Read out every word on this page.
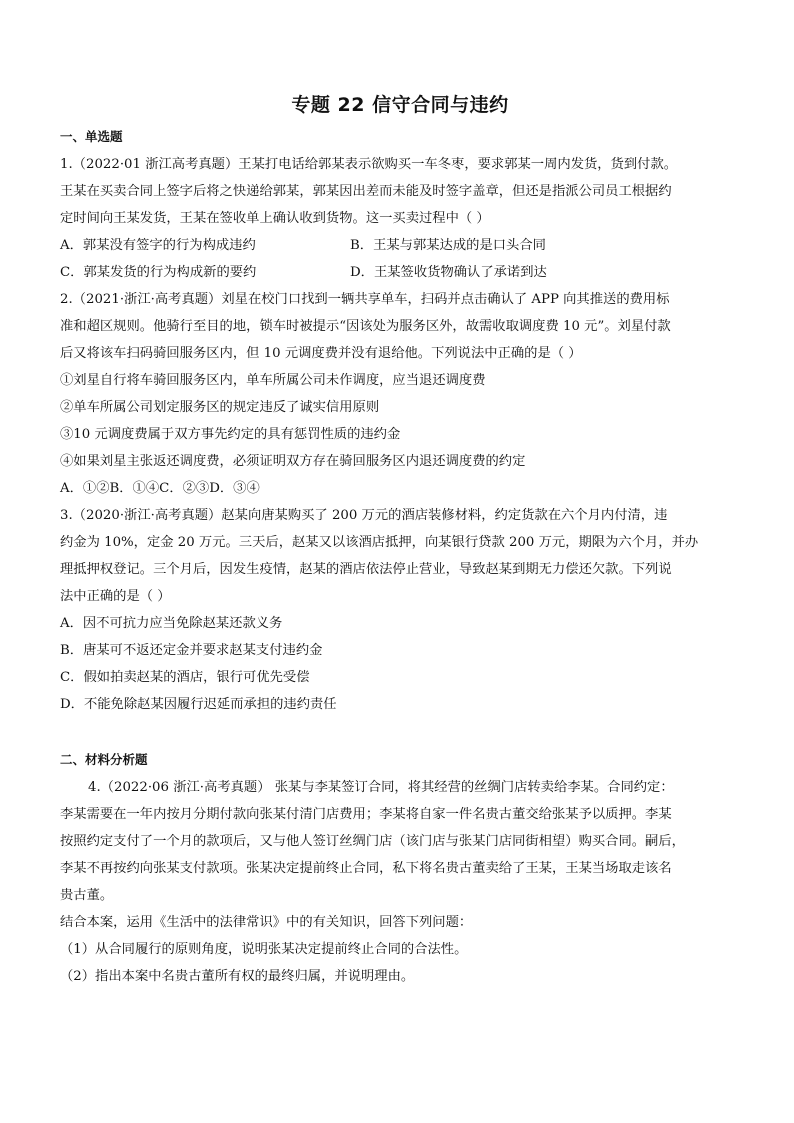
专题 22 信守合同与违约
一、单选题
1.（2022·01 浙江高考真题）王某打电话给郭某表示欲购买一车冬枣，要求郭某一周内发货，货到付款。
王某在买卖合同上签字后将之快递给郭某，郭某因出差而未能及时签字盖章，但还是指派公司员工根据约
定时间向王某发货，王某在签收单上确认收到货物。这一买卖过程中（ ）
A．郭某没有签字的行为构成违约	B．王某与郭某达成的是口头合同
C．郭某发货的行为构成新的要约	D．王某签收货物确认了承诺到达
2.（2021·浙江·高考真题）刘星在校门口找到一辆共享单车，扫码并点击确认了 APP 向其推送的费用标
准和超区规则。他骑行至目的地，锁车时被提示“因该处为服务区外，故需收取调度费 10 元”。刘星付款
后又将该车扫码骑回服务区内，但 10 元调度费并没有退给他。下列说法中正确的是（ ）
①刘星自行将车骑回服务区内，单车所属公司未作调度，应当退还调度费
②单车所属公司划定服务区的规定违反了诚实信用原则
③10 元调度费属于双方事先约定的具有惩罚性质的违约金
④如果刘星主张返还调度费，必须证明双方存在骑回服务区内退还调度费的约定
A．①②B．①④C．②③D．③④
3.（2020·浙江·高考真题）赵某向唐某购买了 200 万元的酒店装修材料，约定货款在六个月内付清，违
约金为 10%，定金 20 万元。三天后，赵某又以该酒店抵押，向某银行贷款 200 万元，期限为六个月，并办
理抵押权登记。三个月后，因发生疫情，赵某的酒店依法停止营业，导致赵某到期无力偿还欠款。下列说
法中正确的是（ ）
A．因不可抗力应当免除赵某还款义务
B．唐某可不返还定金并要求赵某支付违约金
C．假如拍卖赵某的酒店，银行可优先受偿
D．不能免除赵某因履行迟延而承担的违约责任
二、材料分析题
4.（2022·06 浙江·高考真题） 张某与李某签订合同，将其经营的丝绸门店转卖给李某。合同约定：
李某需要在一年内按月分期付款向张某付清门店费用；李某将自家一件名贵古董交给张某予以质押。李某
按照约定支付了一个月的款项后，又与他人签订丝绸门店（该门店与张某门店同街相望）购买合同。嗣后，
李某不再按约向张某支付款项。张某决定提前终止合同，私下将名贵古董卖给了王某，王某当场取走该名
贵古董。
结合本案，运用《生活中的法律常识》中的有关知识，回答下列问题：
（1）从合同履行的原则角度，说明张某决定提前终止合同的合法性。
（2）指出本案中名贵古董所有权的最终归属，并说明理由。
